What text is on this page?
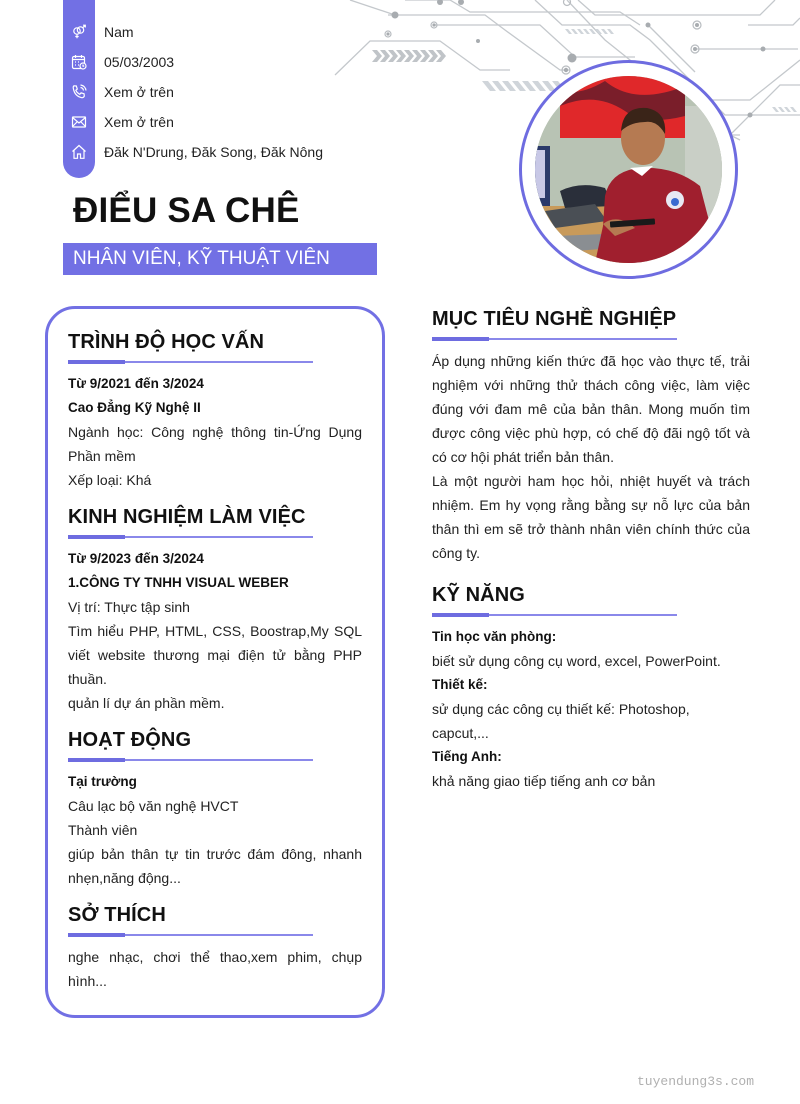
Nam
05/03/2003
Xem ở trên
Xem ở trên
Đăk N'Drung, Đăk Song, Đăk Nông
ĐIỂU SA CHÊ
NHÂN VIÊN, KỸ THUẬT VIÊN
TRÌNH ĐỘ HỌC VẤN
Từ 9/2021 đến 3/2024
Cao Đẳng Kỹ Nghệ II
Ngành học: Công nghệ thông tin-Ứng Dụng Phần mềm
Xếp loại: Khá
KINH NGHIỆM LÀM VIỆC
Từ 9/2023 đến 3/2024
1.CÔNG TY TNHH VISUAL WEBER
Vị trí: Thực tập sinh
Tìm hiểu PHP, HTML, CSS, Boostrap,My SQL viết website thương mại điện tử bằng PHP thuần.
quản lí dự án phần mềm.
HOẠT ĐỘNG
Tại trường
Câu lạc bộ văn nghệ HVCT
Thành viên
giúp bản thân tự tin trước đám đông, nhanh nhẹn,năng động...
SỞ THÍCH
nghe nhạc, chơi thể thao,xem phim, chụp hình...
MỤC TIÊU NGHỀ NGHIỆP
Áp dụng những kiến thức đã học vào thực tế, trải nghiệm với những thử thách công việc, làm việc đúng với đam mê của bản thân. Mong muốn tìm được công việc phù hợp, có chế độ đãi ngộ tốt và có cơ hội phát triển bản thân.
Là một người ham học hỏi, nhiệt huyết và trách nhiệm. Em hy vọng rằng bằng sự nỗ lực của bản thân thì em sẽ trở thành nhân viên chính thức của công ty.
KỸ NĂNG
Tin học văn phòng:
biết sử dụng công cụ word, excel, PowerPoint.
Thiết kế:
sử dụng các công cụ thiết kế: Photoshop, capcut,...
Tiếng Anh:
khả năng giao tiếp tiếng anh cơ bản
tuyendung3s.com
